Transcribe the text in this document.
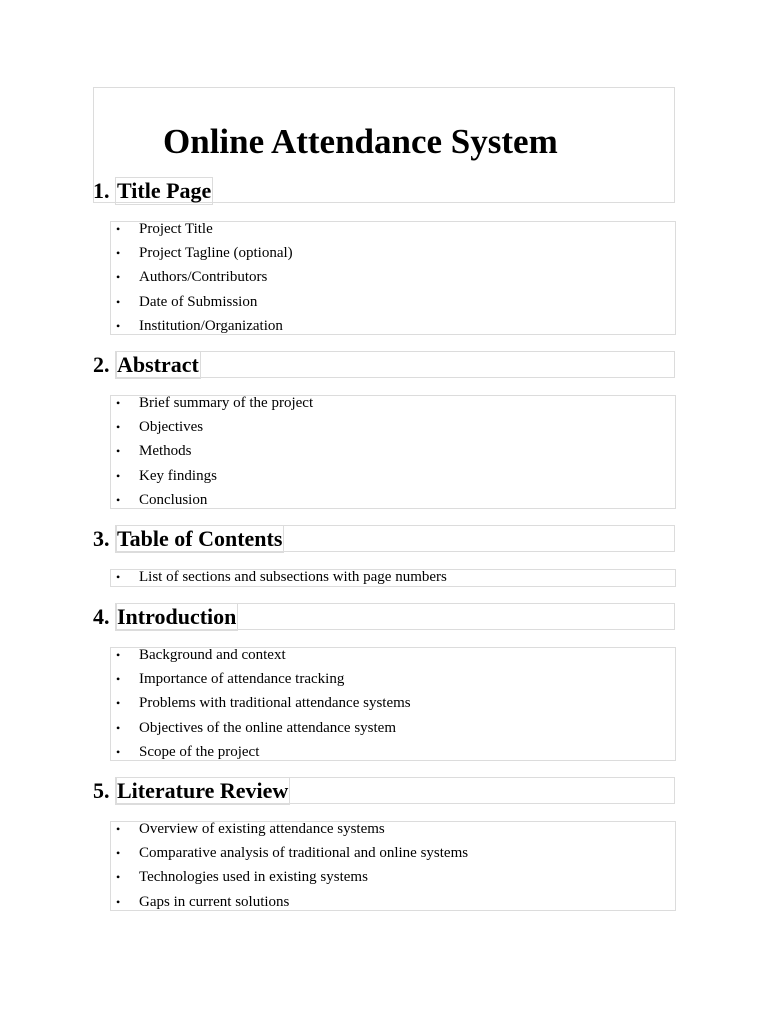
Online Attendance System
1. Title Page
• Project Title
• Project Tagline (optional)
• Authors/Contributors
• Date of Submission
• Institution/Organization
2. Abstract
• Brief summary of the project
• Objectives
• Methods
• Key findings
• Conclusion
3. Table of Contents
• List of sections and subsections with page numbers
4. Introduction
• Background and context
• Importance of attendance tracking
• Problems with traditional attendance systems
• Objectives of the online attendance system
• Scope of the project
5. Literature Review
• Overview of existing attendance systems
• Comparative analysis of traditional and online systems
• Technologies used in existing systems
• Gaps in current solutions
